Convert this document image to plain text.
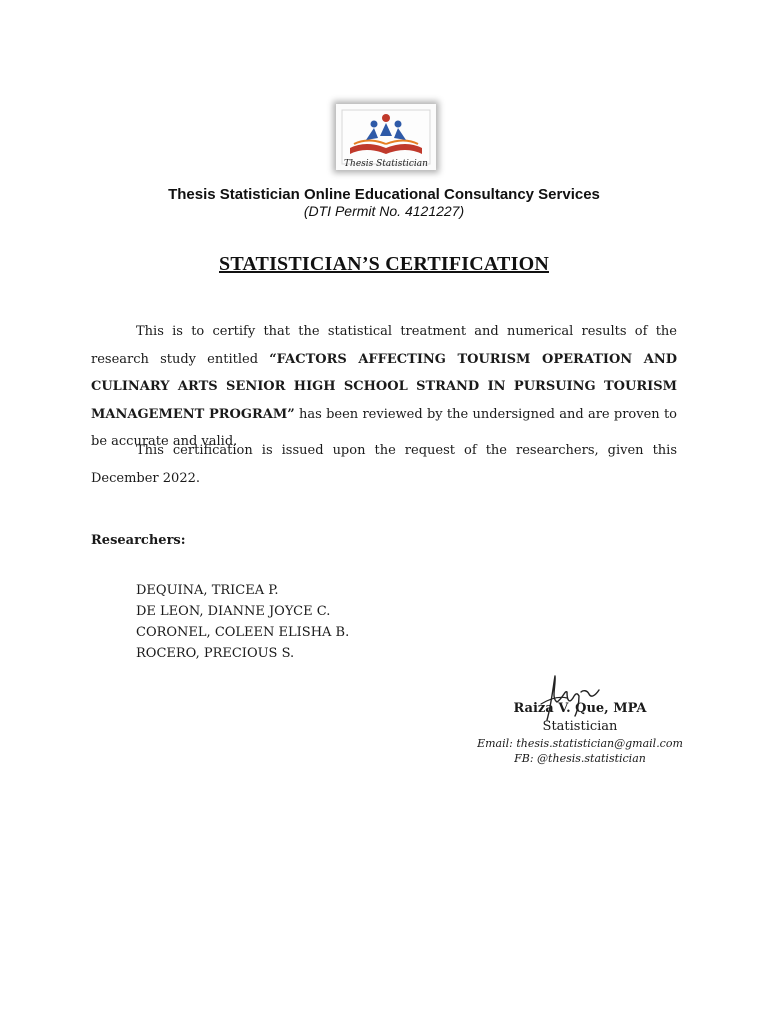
Thesis Statistician
Thesis Statistician Online Educational Consultancy Services
(DTI Permit No. 4121227)
STATISTICIAN’S CERTIFICATION

This is to certify that the statistical treatment and numerical results of the research study entitled “FACTORS AFFECTING TOURISM OPERATION AND CULINARY ARTS SENIOR HIGH SCHOOL STRAND IN PURSUING TOURISM MANAGEMENT PROGRAM” has been reviewed by the undersigned and are proven to be accurate and valid.

This certification is issued upon the request of the researchers, given this December 2022.

Researchers:
DEQUINA, TRICEA P.
DE LEON, DIANNE JOYCE C.
CORONEL, COLEEN ELISHA B.
ROCERO, PRECIOUS S.
Raiza V. Que, MPA
Statistician
Email: thesis.statistician@gmail.com
FB: @thesis.statistician
